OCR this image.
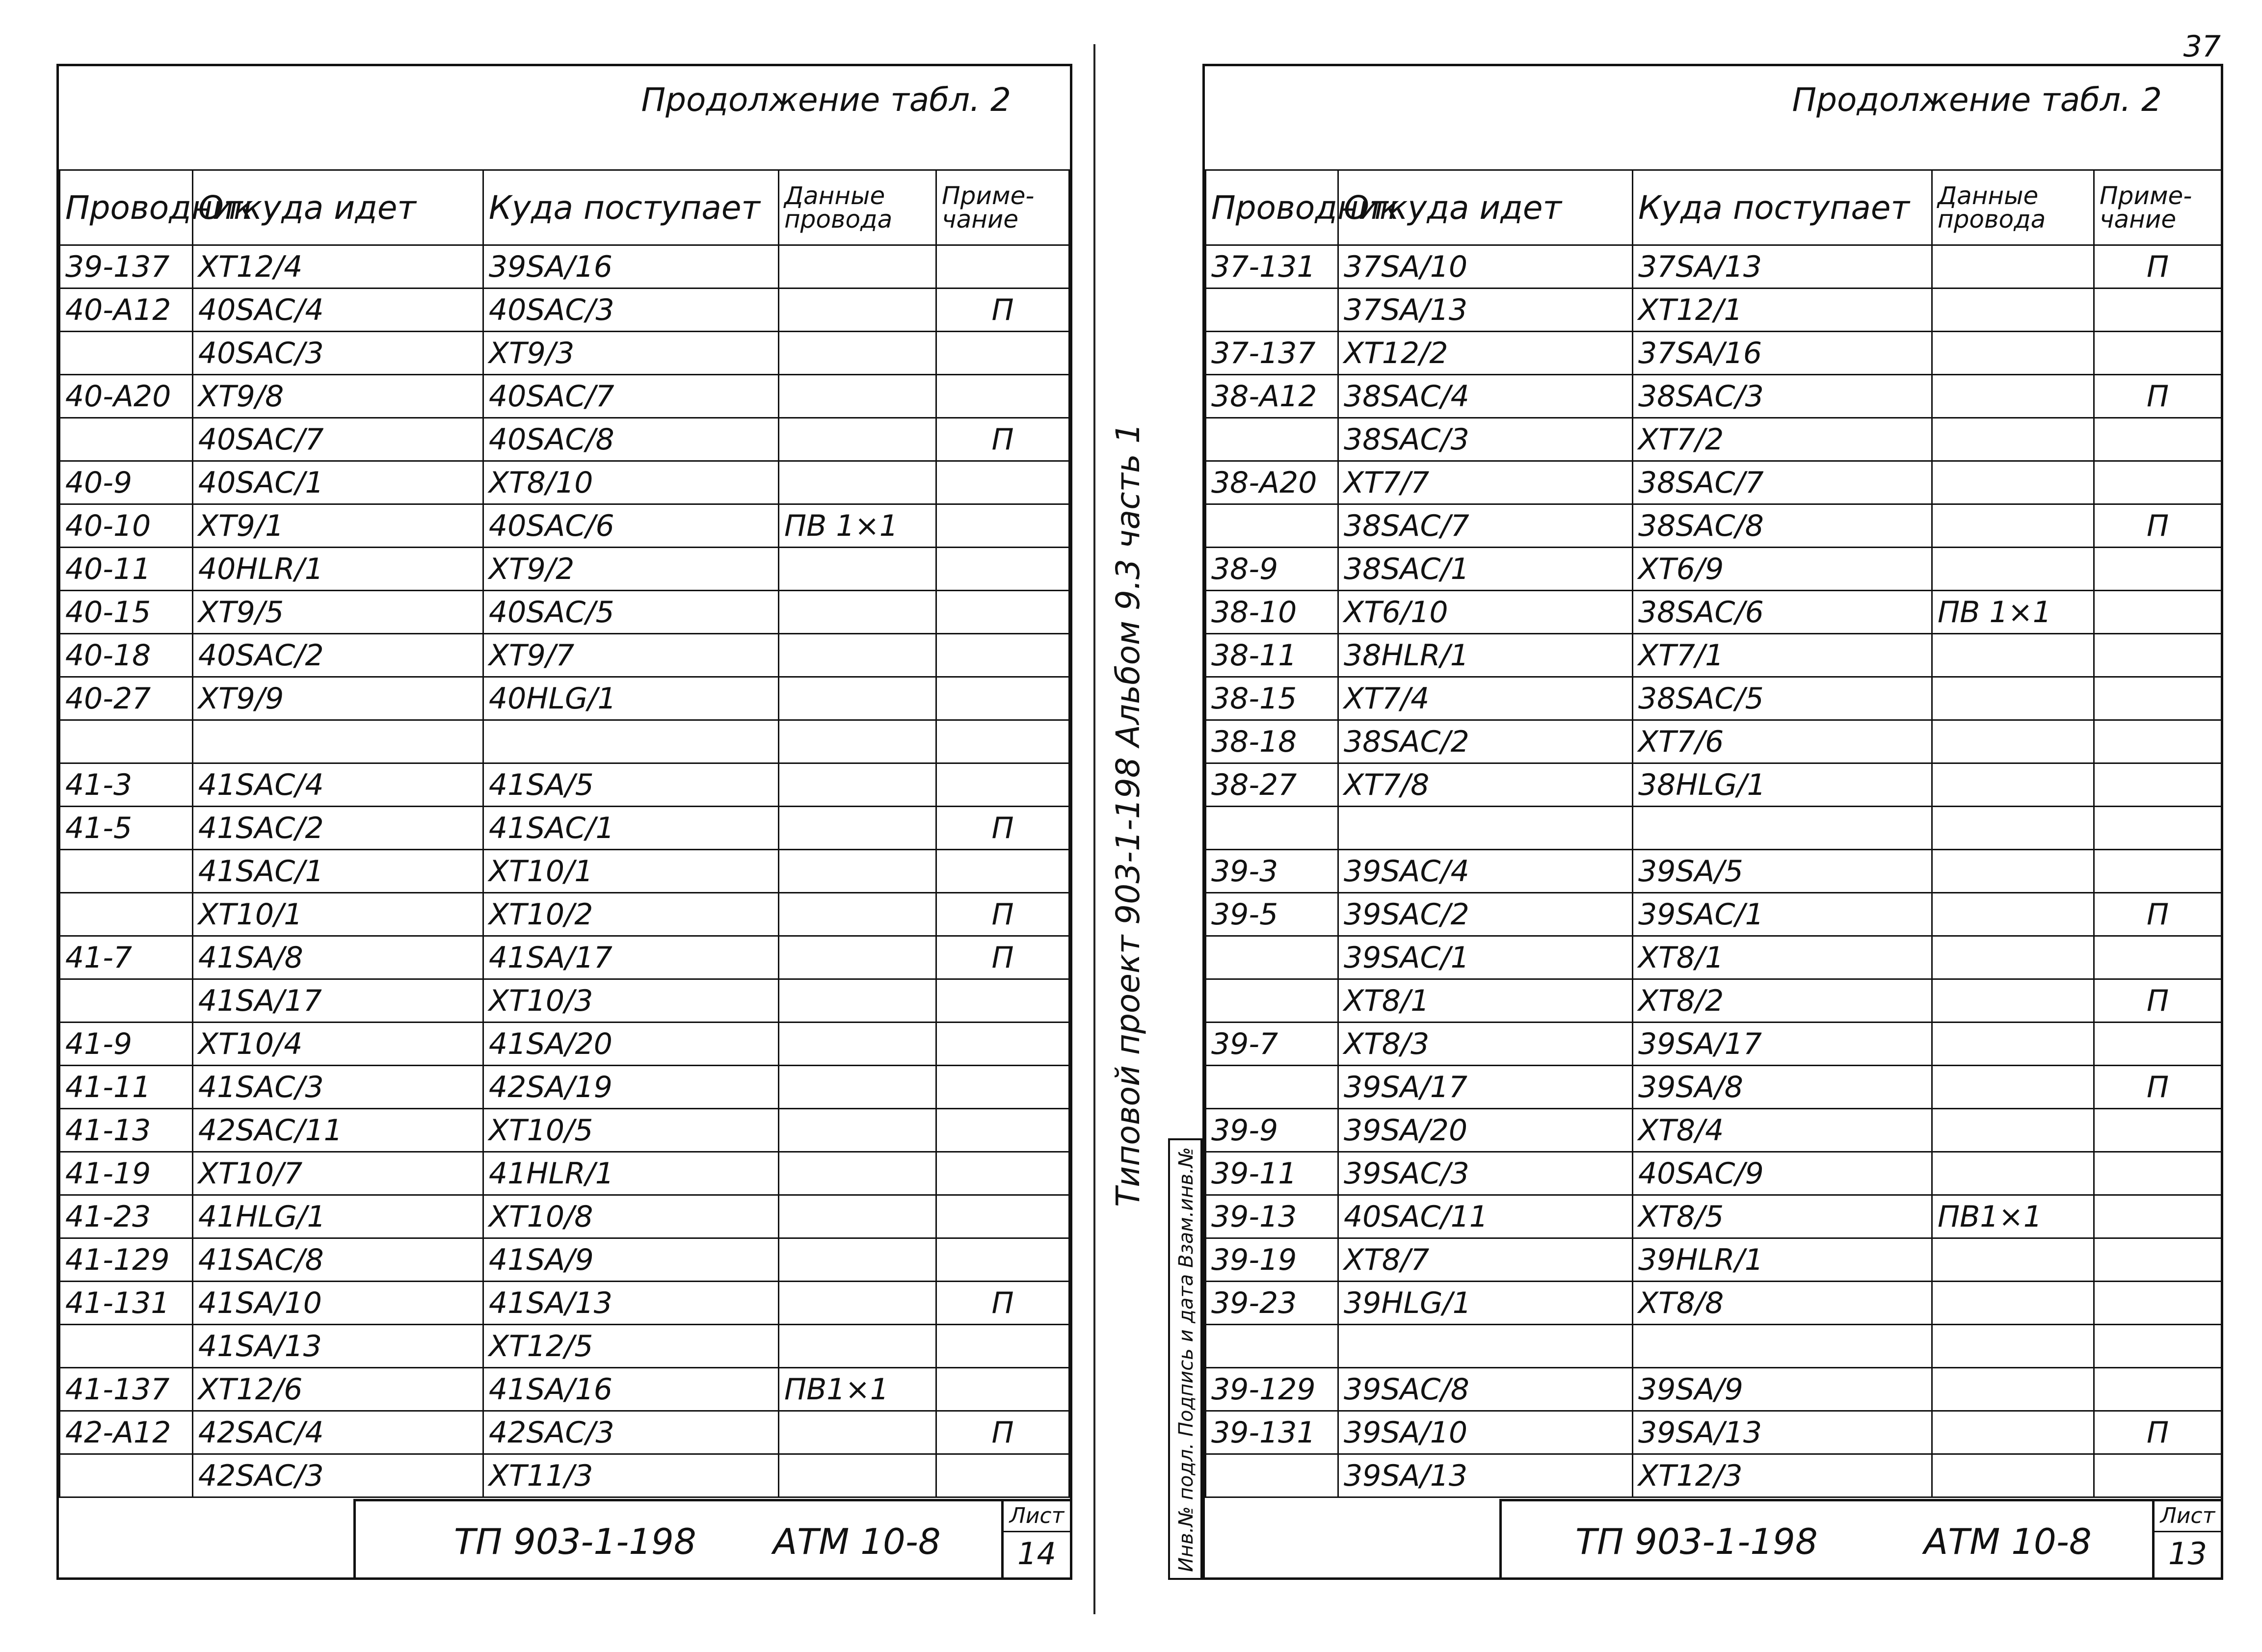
Продолжение табл. 2
Проводник	Откуда идет	Куда поступает	Данные провода	Приме-чание
39-137	XT12/4	39SA/16		
40-A12	40SAC/4	40SAC/3		П
	40SAC/3	XT9/3		
40-A20	XT9/8	40SAC/7		
	40SAC/7	40SAC/8		П
40-9	40SAC/1	XT8/10		
40-10	XT9/1	40SAC/6	ПВ 1×1	
40-11	40HLR/1	XT9/2		
40-15	XT9/5	40SAC/5		
40-18	40SAC/2	XT9/7		
40-27	XT9/9	40HLG/1		

41-3	41SAC/4	41SA/5		
41-5	41SAC/2	41SAC/1		П
	41SAC/1	XT10/1		
	XT10/1	XT10/2		П
41-7	41SA/8	41SA/17		П
	41SA/17	XT10/3		
41-9	XT10/4	41SA/20		
41-11	41SAC/3	42SA/19		
41-13	42SAC/11	XT10/5		
41-19	XT10/7	41HLR/1		
41-23	41HLG/1	XT10/8		
41-129	41SAC/8	41SA/9		
41-131	41SA/10	41SA/13		П
	41SA/13	XT12/5		
41-137	XT12/6	41SA/16	ПВ1×1	
42-A12	42SAC/4	42SAC/3		П
	42SAC/3	XT11/3		
ТП 903-1-198 АТМ 10-8
Лист
14
Типовой проект 903-1-198 Альбом 9.3 часть 1
Инв.№ подл. Подпись и дата Взам.инв.№
37
Продолжение табл. 2
Проводник	Откуда идет	Куда поступает	Данные провода	Приме-чание
37-131	37SA/10	37SA/13		П
	37SA/13	XT12/1		
37-137	XT12/2	37SA/16		
38-A12	38SAC/4	38SAC/3		П
	38SAC/3	XT7/2		
38-A20	XT7/7	38SAC/7		
	38SAC/7	38SAC/8		П
38-9	38SAC/1	XT6/9		
38-10	XT6/10	38SAC/6	ПВ 1×1	
38-11	38HLR/1	XT7/1		
38-15	XT7/4	38SAC/5		
38-18	38SAC/2	XT7/6		
38-27	XT7/8	38HLG/1		

39-3	39SAC/4	39SA/5		
39-5	39SAC/2	39SAC/1		П
	39SAC/1	XT8/1		
	XT8/1	XT8/2		П
39-7	XT8/3	39SA/17		
	39SA/17	39SA/8		П
39-9	39SA/20	XT8/4		
39-11	39SAC/3	40SAC/9		
39-13	40SAC/11	XT8/5	ПВ1×1	
39-19	XT8/7	39HLR/1		
39-23	39HLG/1	XT8/8		

39-129	39SAC/8	39SA/9		
39-131	39SA/10	39SA/13		П
	39SA/13	XT12/3		
ТП 903-1-198	АТМ 10-8
Лист
13
